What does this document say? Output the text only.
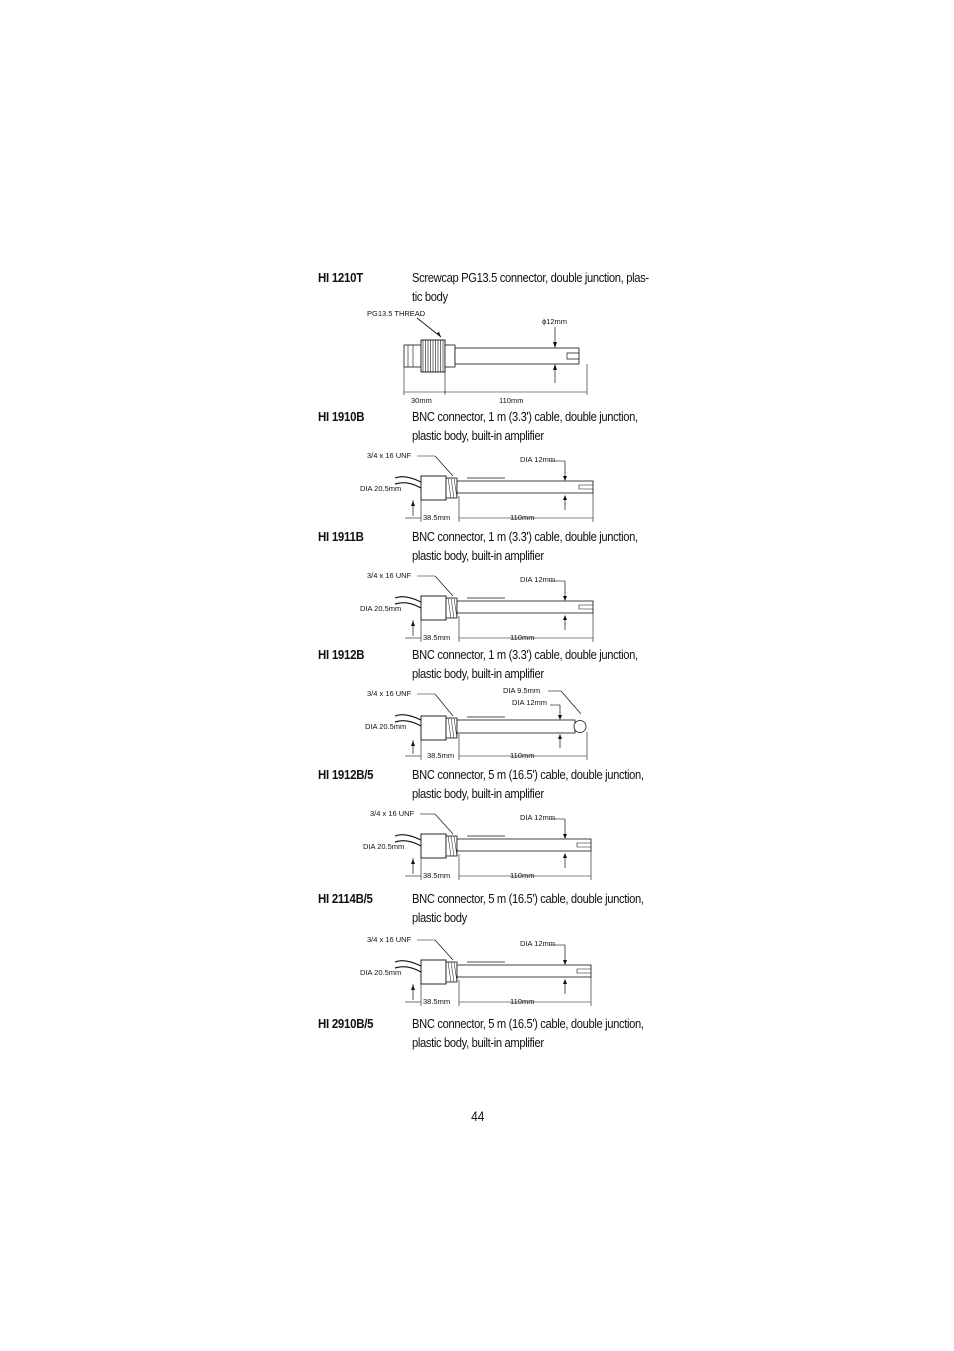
HI 1210T	Screwcap PG13.5 connector, double junction, plas-
tic body
HI 1910B	BNC connector, 1 m (3.3') cable, double junction,
plastic body, built-in amplifier
HI 1911B	BNC connector, 1 m (3.3') cable, double junction,
plastic body, built-in amplifier
HI 1912B	BNC connector, 1 m (3.3') cable, double junction,
plastic body, built-in amplifier
HI 1912B/5	BNC connector, 5 m (16.5') cable, double junction,
plastic body, built-in amplifier
HI 2114B/5	BNC connector, 5 m (16.5') cable, double junction,
plastic body
HI 2910B/5	BNC connector, 5 m (16.5') cable, double junction,
plastic body, built-in amplifier
PG13.5 THREAD
ϕ12mm
30mm	110mm
3/4 x 16 UNF
DIA 20.5mm
DIA 12mm
38.5mm	110mm
3/4 x 16 UNF
DIA 20.5mm
DIA 12mm
38.5mm	110mm
3/4 x 16 UNF
DIA 20.5mm
DIA 9.5mm
DIA 12mm
38.5mm	110mm
3/4 x 16 UNF
DIA 20.5mm
DIA 12mm
38.5mm	110mm
3/4 x 16 UNF
DIA 20.5mm
DIA 12mm
38.5mm	110mm
44
